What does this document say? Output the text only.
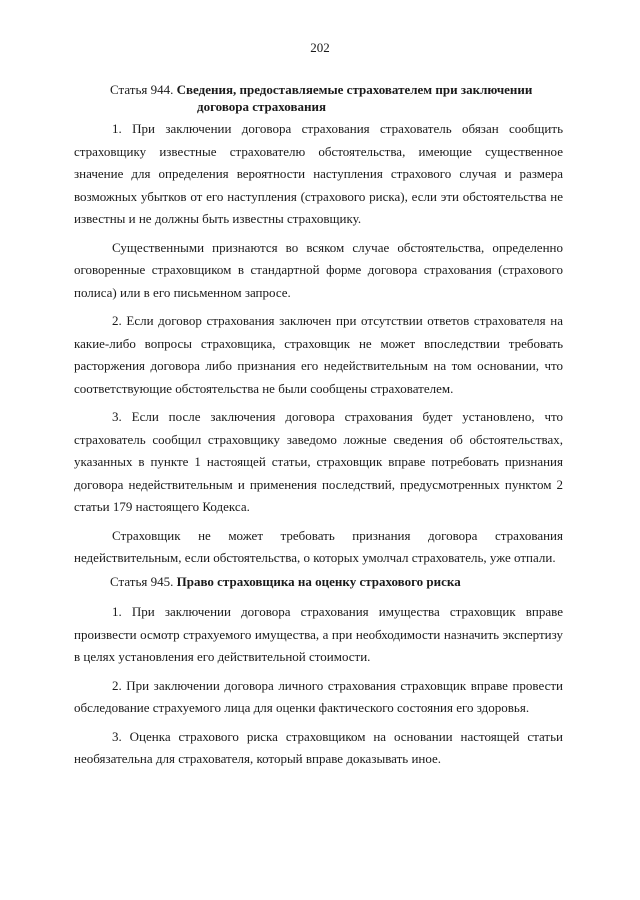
202
Статья 944. Сведения, предоставляемые страхователем при заключении
договора страхования

1. При заключении договора страхования страхователь обязан сообщить страховщику известные страхователю обстоятельства, имеющие существенное значение для определения вероятности наступления страхового случая и размера возможных убытков от его наступления (страхового риска), если эти обстоятельства не известны и не должны быть известны страховщику.

Существенными признаются во всяком случае обстоятельства, определенно оговоренные страховщиком в стандартной форме договора страхования (страхового полиса) или в его письменном запросе.

2. Если договор страхования заключен при отсутствии ответов страхователя на какие-либо вопросы страховщика, страховщик не может впоследствии требовать расторжения договора либо признания его недействительным на том основании, что соответствующие обстоятельства не были сообщены страхователем.

3. Если после заключения договора страхования будет установлено, что страхователь сообщил страховщику заведомо ложные сведения об обстоятельствах, указанных в пункте 1 настоящей статьи, страховщик вправе потребовать признания договора недействительным и применения последствий, предусмотренных пунктом 2 статьи 179 настоящего Кодекса.

Страховщик не может требовать признания договора страхования недействительным, если обстоятельства, о которых умолчал страхователь, уже отпали.

Статья 945. Право страховщика на оценку страхового риска

1. При заключении договора страхования имущества страховщик вправе произвести осмотр страхуемого имущества, а при необходимости назначить экспертизу в целях установления его действительной стоимости.

2. При заключении договора личного страхования страховщик вправе провести обследование страхуемого лица для оценки фактического состояния его здоровья.

3. Оценка страхового риска страховщиком на основании настоящей статьи необязательна для страхователя, который вправе доказывать иное.
